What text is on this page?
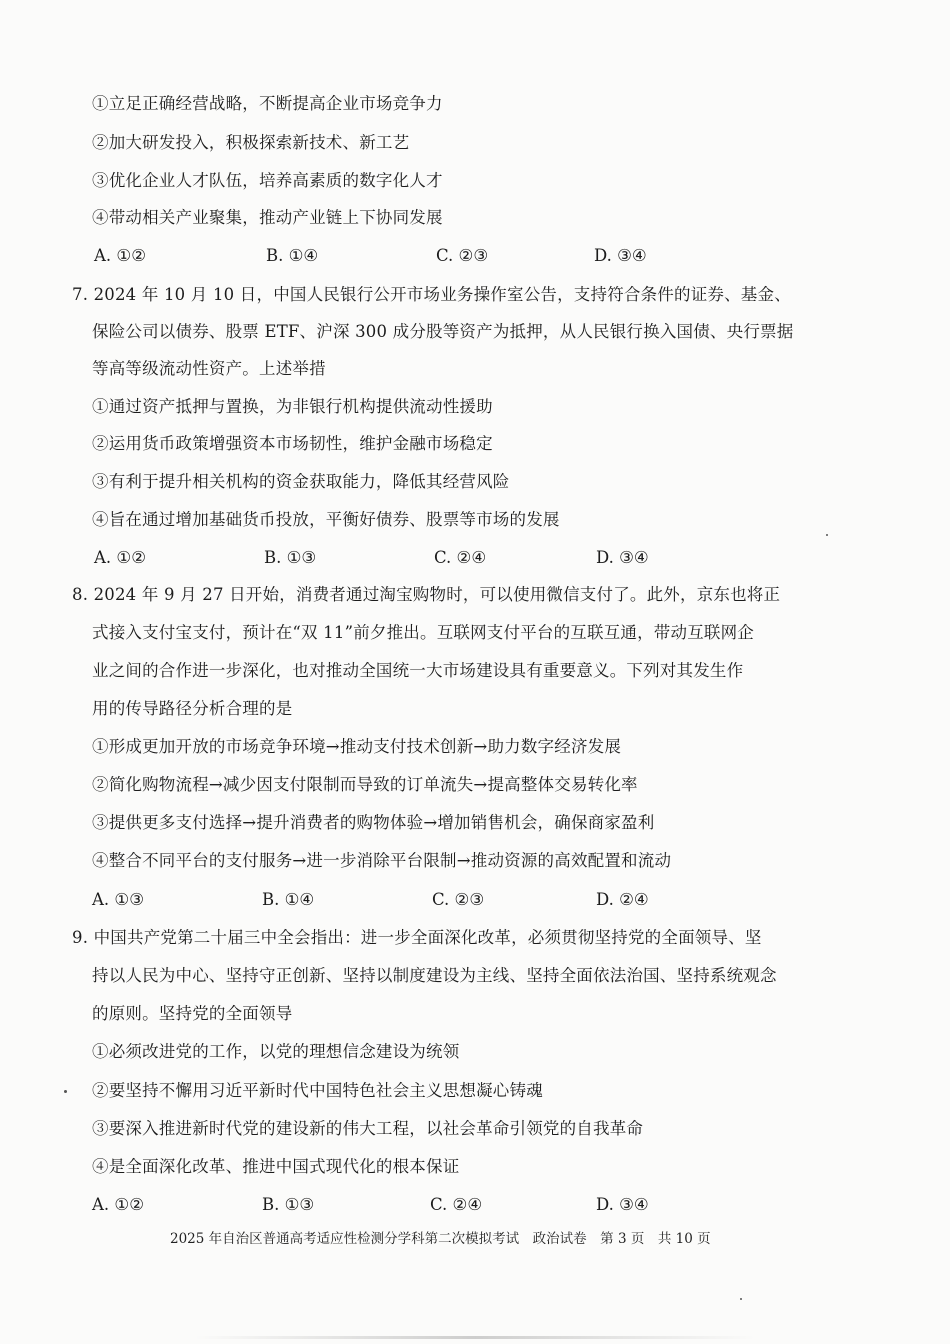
①立足正确经营战略，不断提高企业市场竞争力
②加大研发投入，积极探索新技术、新工艺
③优化企业人才队伍，培养高素质的数字化人才
④带动相关产业聚集，推动产业链上下协同发展
A. ①②	B. ①④	C. ②③	D. ③④
7. 2024 年 10 月 10 日，中国人民银行公开市场业务操作室公告，支持符合条件的证券、基金、
保险公司以债券、股票 ETF、沪深 300 成分股等资产为抵押，从人民银行换入国债、央行票据
等高等级流动性资产。上述举措
①通过资产抵押与置换，为非银行机构提供流动性援助
②运用货币政策增强资本市场韧性，维护金融市场稳定
③有利于提升相关机构的资金获取能力，降低其经营风险
④旨在通过增加基础货币投放，平衡好债券、股票等市场的发展
A. ①②	B. ①③	C. ②④	D. ③④
8. 2024 年 9 月 27 日开始，消费者通过淘宝购物时，可以使用微信支付了。此外，京东也将正
式接入支付宝支付，预计在“双 11”前夕推出。互联网支付平台的互联互通，带动互联网企
业之间的合作进一步深化，也对推动全国统一大市场建设具有重要意义。下列对其发生作
用的传导路径分析合理的是
①形成更加开放的市场竞争环境→推动支付技术创新→助力数字经济发展
②简化购物流程→减少因支付限制而导致的订单流失→提高整体交易转化率
③提供更多支付选择→提升消费者的购物体验→增加销售机会，确保商家盈利
④整合不同平台的支付服务→进一步消除平台限制→推动资源的高效配置和流动
A. ①③	B. ①④	C. ②③	D. ②④
9. 中国共产党第二十届三中全会指出：进一步全面深化改革，必须贯彻坚持党的全面领导、坚
持以人民为中心、坚持守正创新、坚持以制度建设为主线、坚持全面依法治国、坚持系统观念
的原则。坚持党的全面领导
①必须改进党的工作，以党的理想信念建设为统领
②要坚持不懈用习近平新时代中国特色社会主义思想凝心铸魂
③要深入推进新时代党的建设新的伟大工程，以社会革命引领党的自我革命
④是全面深化改革、推进中国式现代化的根本保证
A. ①②	B. ①③	C. ②④	D. ③④
2025 年自治区普通高考适应性检测分学科第二次模拟考试　政治试卷　第 3 页　共 10 页
